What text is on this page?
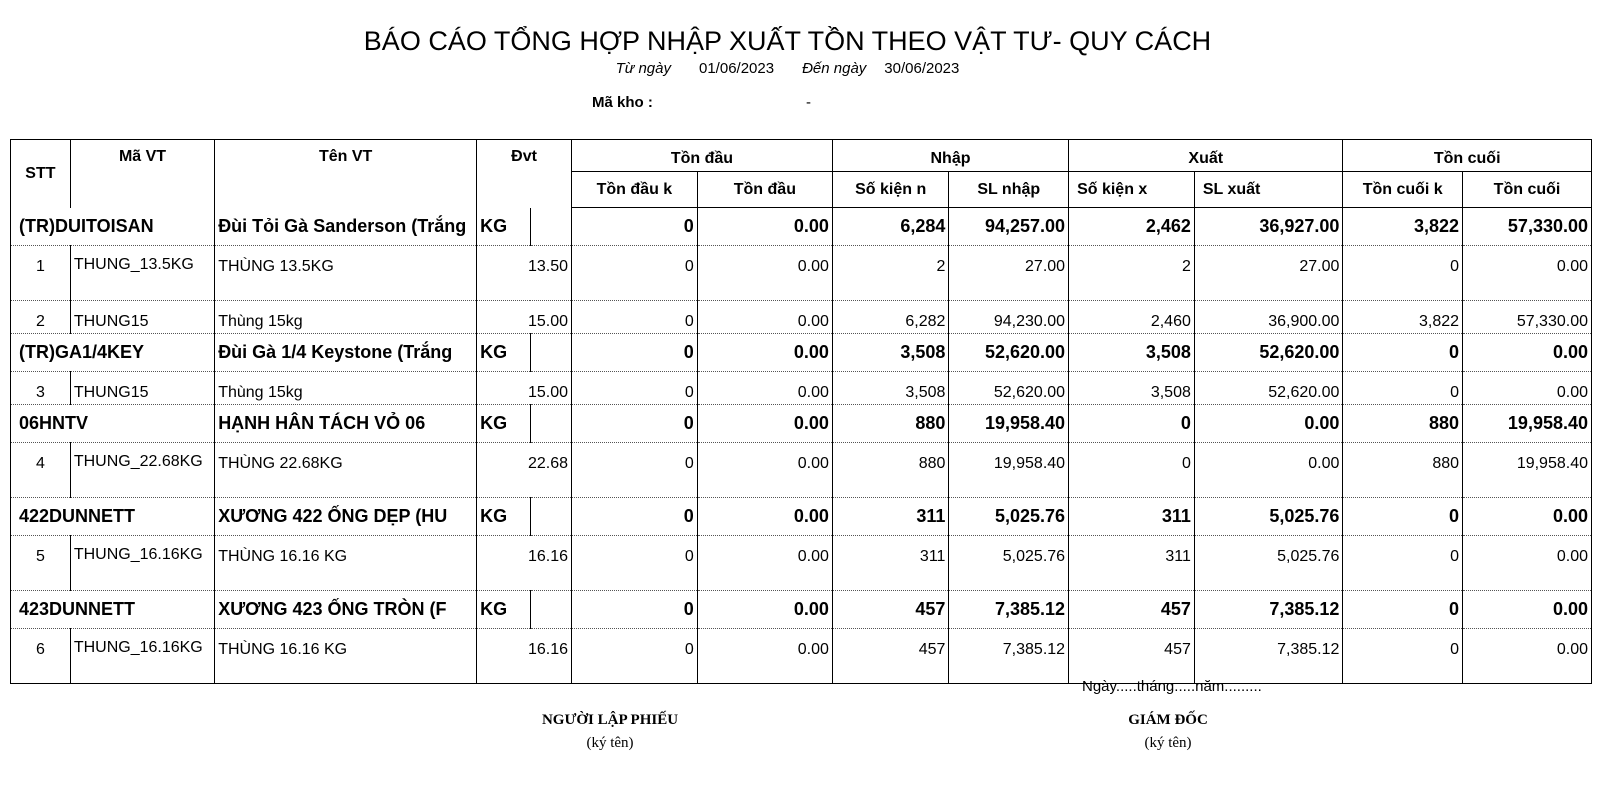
BÁO CÁO TỔNG HỢP NHẬP XUẤT TỒN THEO VẬT TƯ- QUY CÁCH
Từ ngày 01/06/2023 Đến ngày 30/06/2023
Mã kho :	-
STT	Mã VT	Tên VT	Đvt		Tồn đầu		Nhập		Xuất		Tồn cuối	
					Tồn đầu k	Tồn đầu	Số kiện n	SL nhập	Số kiện x	SL xuất	Tồn cuối k	Tồn cuối
(TR)DUITOISAN		Đùi Tỏi Gà Sanderson (Trắng	KG		0	0.00	6,284	94,257.00	2,462	36,927.00	3,822	57,330.00
1	THUNG_13.5KG	THÙNG 13.5KG	13.50		0	0.00	2	27.00	2	27.00	0	0.00
2	THUNG15	Thùng 15kg	15.00		0	0.00	6,282	94,230.00	2,460	36,900.00	3,822	57,330.00
(TR)GA1/4KEY		Đùi Gà 1/4 Keystone (Trắng	KG		0	0.00	3,508	52,620.00	3,508	52,620.00	0	0.00
3	THUNG15	Thùng 15kg	15.00		0	0.00	3,508	52,620.00	3,508	52,620.00	0	0.00
06HNTV		HẠNH HÂN TÁCH VỎ 06	KG		0	0.00	880	19,958.40	0	0.00	880	19,958.40
4	THUNG_22.68KG	THÙNG 22.68KG	22.68		0	0.00	880	19,958.40	0	0.00	880	19,958.40
422DUNNETT		XƯƠNG 422 ỐNG DẸP (HU	KG		0	0.00	311	5,025.76	311	5,025.76	0	0.00
5	THUNG_16.16KG	THÙNG 16.16 KG	16.16		0	0.00	311	5,025.76	311	5,025.76	0	0.00
423DUNNETT		XƯƠNG 423 ỐNG TRÒN (F	KG		0	0.00	457	7,385.12	457	7,385.12	0	0.00
6	THUNG_16.16KG	THÙNG 16.16 KG	16.16		0	0.00	457	7,385.12	457	7,385.12	0	0.00
Ngày.....tháng.....năm.........
NGƯỜI LẬP PHIẾU
(ký tên)
GIÁM ĐỐC
(ký tên)
